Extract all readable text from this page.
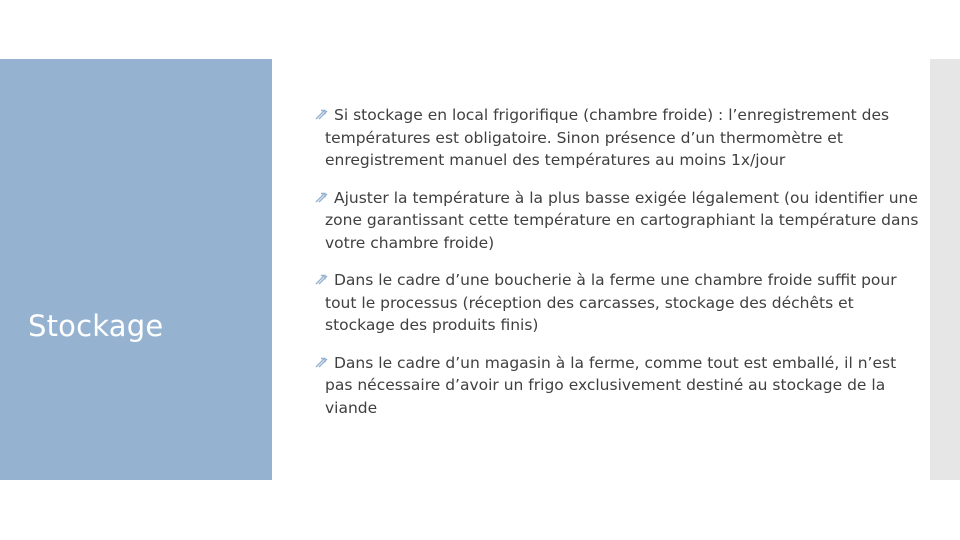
Stockage
Si stockage en local frigorifique (chambre froide) : l’enregistrement des températures est obligatoire. Sinon présence d’un thermomètre et enregistrement manuel des températures au moins 1x/jour
Ajuster la température à la plus basse exigée légalement (ou identifier une zone garantissant cette température en cartographiant la température dans votre chambre froide)
Dans le cadre d’une boucherie à la ferme une chambre froide suffit pour tout le processus (réception des carcasses, stockage des déchêts et stockage des produits finis)
Dans le cadre d’un magasin à la ferme, comme tout est emballé, il n’est pas nécessaire d’avoir un frigo exclusivement destiné au stockage de la viande
